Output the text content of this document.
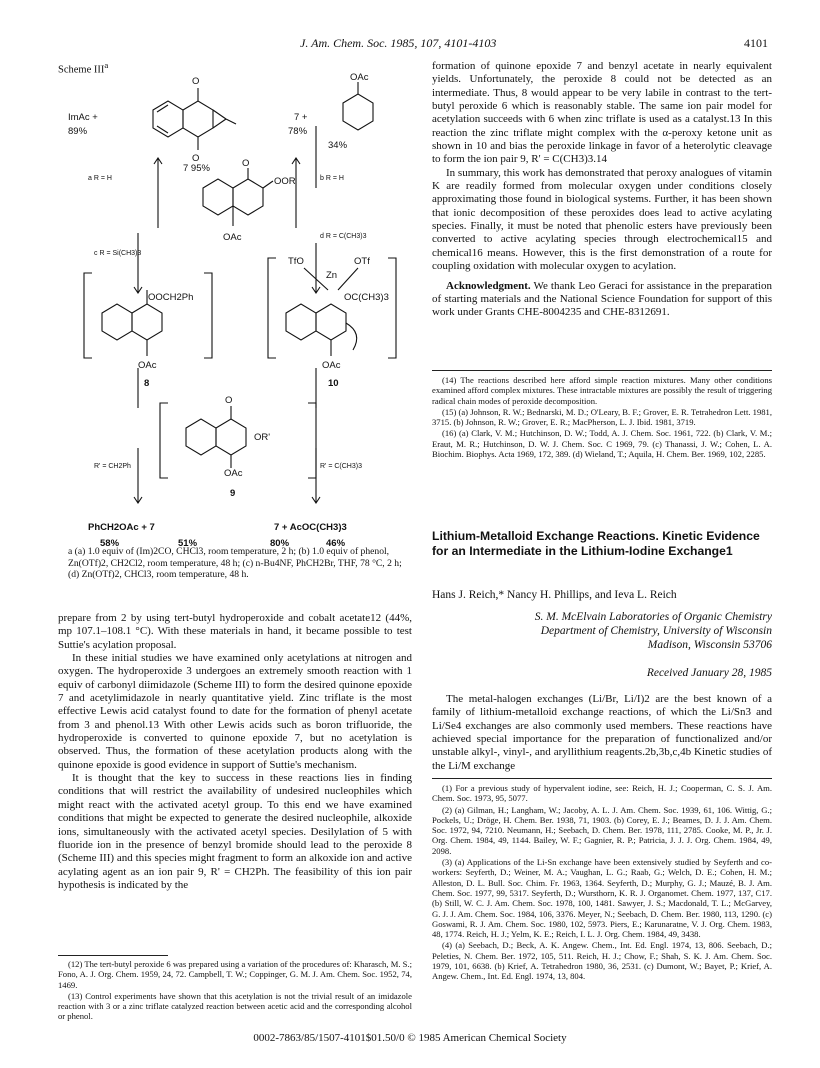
J. Am. Chem. Soc. 1985, 107, 4101-4103	4101
Scheme III$^a$
O
O
ImAc +
89%
OAc
7 +
78%
34%
7 95%
a R = H	b R = H
O
OOR
OAc
c R = Si(CH3)3
d R = C(CH3)3
OOCH2Ph
OAc
8
TfO	OTf
Zn
OC(CH3)3
OAc
10
O
OR'
OAc
9
R' = CH2Ph	R' = C(CH3)3
PhCH2OAc + 7	7 + AcOC(CH3)3
58%	51%	80%	46%
a (a) 1.0 equiv of (Im)2CO, CHCl3, room temperature, 2 h; (b) 1.0 equiv of phenol, Zn(OTf)2, CH2Cl2, room temperature, 48 h; (c) n-Bu4NF, PhCH2Br, THF, 78 °C, 2 h; (d) Zn(OTf)2, CHCl3, room temperature, 48 h.

prepare from 2 by using tert-butyl hydroperoxide and cobalt acetate12 (44%, mp 107.1–108.1 °C). With these materials in hand, it became possible to test Suttie's acylation proposal.

In these initial studies we have examined only acetylations at nitrogen and oxygen. The hydroperoxide 3 undergoes an extremely smooth reaction with 1 equiv of carbonyl diimidazole (Scheme III) to form the desired quinone epoxide 7 and acetylimidazole in nearly quantitative yield. Zinc triflate is the most effective Lewis acid catalyst found to date for the formation of phenyl acetate from 3 and phenol.13 With other Lewis acids such as boron trifluoride, the hydroperoxide is converted to quinone epoxide 7, but no acetylation is observed. Thus, the formation of these acetylation products along with the quinone epoxide is good evidence in support of Suttie's mechanism.

It is thought that the key to success in these reactions lies in finding conditions that will restrict the availability of undesired nucleophiles which might react with the activated acetyl group. To this end we have examined conditions that might be expected to generate the desired nucleophile, alkoxide ions, simultaneously with the activated acetyl species. Desilylation of 5 with fluoride ion in the presence of benzyl bromide should lead to the peroxide 8 (Scheme III) and this species might fragment to form an alkoxide ion and active acylating agent as an ion pair 9, R' = CH2Ph. The feasibility of this ion pair hypothesis is indicated by the

(12) The tert-butyl peroxide 6 was prepared using a variation of the procedures of: Kharasch, M. S.; Fono, A. J. Org. Chem. 1959, 24, 72. Campbell, T. W.; Coppinger, G. M. J. Am. Chem. Soc. 1952, 74, 1469.

(13) Control experiments have shown that this acetylation is not the trivial result of an imidazole reaction with 3 or a zinc triflate catalyzed reaction between acetic acid and the corresponding alcohol or phenol.

formation of quinone epoxide 7 and benzyl acetate in nearly equivalent yields. Unfortunately, the peroxide 8 could not be detected as an intermediate. Thus, 8 would appear to be very labile in contrast to the tert-butyl peroxide 6 which is reasonably stable. The same ion pair model for acetylation succeeds with 6 when zinc triflate is used as a catalyst.13 In this reaction the zinc triflate might complex with the α-peroxy ketone unit as shown in 10 and bias the peroxide linkage in favor of a heterolytic cleavage to form the ion pair 9, R' = C(CH3)3.14

In summary, this work has demonstrated that peroxy analogues of vitamin K are readily formed from molecular oxygen under conditions closely approximating those found in biological systems. Further, it has been shown that ionic decomposition of these peroxides does lead to active acylating species. Finally, it must be noted that phenolic esters have previously been converted to active acylating species through electrochemical15 and chemical16 means. However, this is the first demonstration of a route for coupling oxidation with molecular oxygen to acylation.

Acknowledgment. We thank Leo Geraci for assistance in the preparation of starting materials and the National Science Foundation for support of this work under Grants CHE-8004235 and CHE-8312691.

(14) The reactions described here afford simple reaction mixtures. Many other conditions examined afford complex mixtures. These intractable mixtures are possibly the result of triggering radical chain modes of peroxide decomposition.

(15) (a) Johnson, R. W.; Bednarski, M. D.; O'Leary, B. F.; Grover, E. R. Tetrahedron Lett. 1981, 3715. (b) Johnson, R. W.; Grover, E. R.; MacPherson, L. J. Ibid. 1981, 3719.

(16) (a) Clark, V. M.; Hutchinson, D. W.; Todd, A. J. Chem. Soc. 1961, 722. (b) Clark, V. M.; Eraut, M. R.; Hutchinson, D. W. J. Chem. Soc. C 1969, 79. (c) Thanassi, J. W.; Cohen, L. A. Biochim. Biophys. Acta 1969, 172, 389. (d) Wieland, T.; Aquila, H. Chem. Ber. 1969, 102, 2285.

Lithium-Metalloid Exchange Reactions. Kinetic Evidence for an Intermediate in the Lithium-Iodine Exchange1
Hans J. Reich,* Nancy H. Phillips, and Ieva L. Reich
S. M. McElvain Laboratories of Organic Chemistry
Department of Chemistry, University of Wisconsin
Madison, Wisconsin 53706
Received January 28, 1985

The metal-halogen exchanges (Li/Br, Li/I)2 are the best known of a family of lithium-metalloid exchange reactions, of which the Li/Sn3 and Li/Se4 exchanges are also commonly used members. These reactions have achieved special importance for the preparation of functionalized and/or unstable alkyl-, vinyl-, and aryllithium reagents.2b,3b,c,4b Kinetic studies of the Li/M exchange

(1) For a previous study of hypervalent iodine, see: Reich, H. J.; Cooperman, C. S. J. Am. Chem. Soc. 1973, 95, 5077.

(2) (a) Gilman, H.; Langham, W.; Jacoby, A. L. J. Am. Chem. Soc. 1939, 61, 106. Wittig, G.; Pockels, U.; Dröge, H. Chem. Ber. 1938, 71, 1903. (b) Corey, E. J.; Beames, D. J. J. Am. Chem. Soc. 1972, 94, 7210. Neumann, H.; Seebach, D. Chem. Ber. 1978, 111, 2785. Cooke, M. P., Jr. J. Org. Chem. 1984, 49, 1144. Bailey, W. F.; Gagnier, R. P.; Patricia, J. J. J. Org. Chem. 1984, 49, 2098.

(3) (a) Applications of the Li-Sn exchange have been extensively studied by Seyferth and co-workers: Seyferth, D.; Weiner, M. A.; Vaughan, L. G.; Raab, G.; Welch, D. E.; Cohen, H. M.; Alleston, D. L. Bull. Soc. Chim. Fr. 1963, 1364. Seyferth, D.; Murphy, G. J.; Mauzé, B. J. Am. Chem. Soc. 1977, 99, 5317. Seyferth, D.; Wursthorn, K. R. J. Organomet. Chem. 1977, 137, C17. (b) Still, W. C. J. Am. Chem. Soc. 1978, 100, 1481. Sawyer, J. S.; Macdonald, T. L.; McGarvey, G. J. J. Am. Chem. Soc. 1984, 106, 3376. Meyer, N.; Seebach, D. Chem. Ber. 1980, 113, 1290. (c) Goswami, R. J. Am. Chem. Soc. 1980, 102, 5973. Piers, E.; Karunaratne, V. J. Org. Chem. 1983, 48, 1774. Reich, H. J.; Yelm, K. E.; Reich, I. L. J. Org. Chem. 1984, 49, 3438.

(4) (a) Seebach, D.; Beck, A. K. Angew. Chem., Int. Ed. Engl. 1974, 13, 806. Seebach, D.; Peleties, N. Chem. Ber. 1972, 105, 511. Reich, H. J.; Chow, F.; Shah, S. K. J. Am. Chem. Soc. 1979, 101, 6638. (b) Krief, A. Tetrahedron 1980, 36, 2531. (c) Dumont, W.; Bayet, P.; Krief, A. Angew. Chem., Int. Ed. Engl. 1974, 13, 804.

0002-7863/85/1507-4101$01.50/0 © 1985 American Chemical Society
